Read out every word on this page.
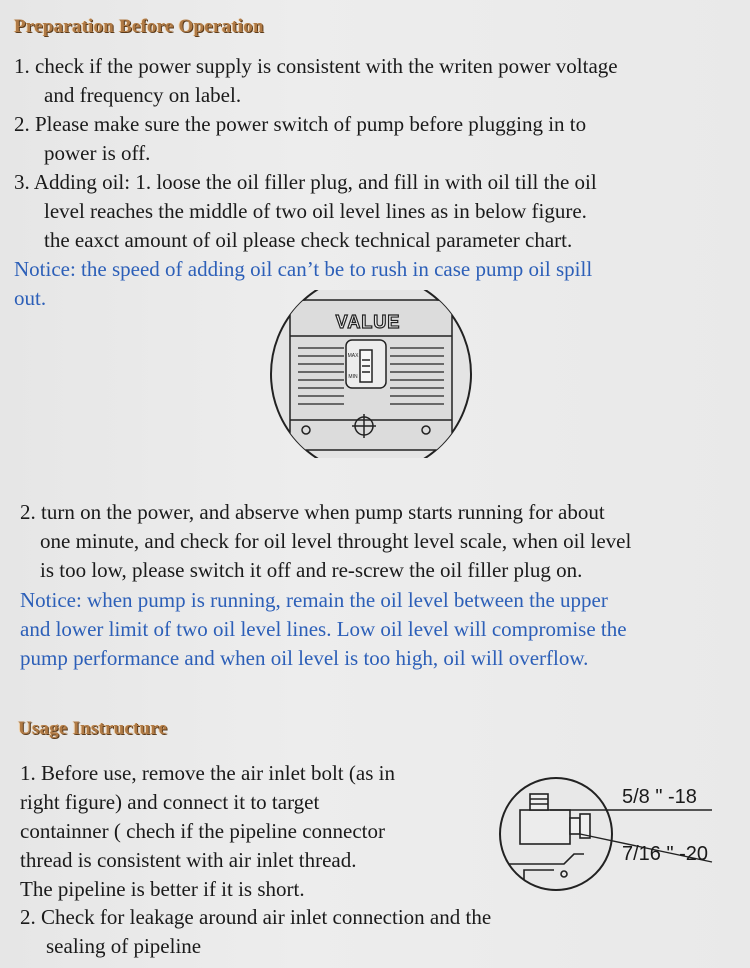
Preparation Before Operation
1. check if the power supply is consistent with the writen power voltage
and frequency on label.
2. Please make sure the power switch of pump before plugging in to
power is off.
3. Adding oil: 1. loose the oil filler plug, and fill in with oil till the oil
level reaches the middle of two oil level lines as in below figure.
the eaxct amount of oil please check technical parameter chart.
Notice: the speed of adding oil can’t be to rush in case pump oil spill
out.
VALUE
MAX
MIN
2. turn on the power, and abserve when pump starts running for about
one minute, and check for oil level throught level scale, when oil level
is too low, please switch it off and re-screw the oil filler plug on.
Notice: when pump is running, remain the oil level between the upper
and lower limit of two oil level lines. Low oil level will compromise the
pump performance and when oil level is too high, oil will overflow.
Usage Instructure
1. Before use, remove the air inlet bolt (as in
right figure) and connect it to target
containner ( chech if the pipeline connector
thread is consistent with air inlet thread.
The pipeline is better if it is short.
2. Check for leakage around air inlet connection and the
sealing of pipeline
5/8 " -18
7/16 " -20
